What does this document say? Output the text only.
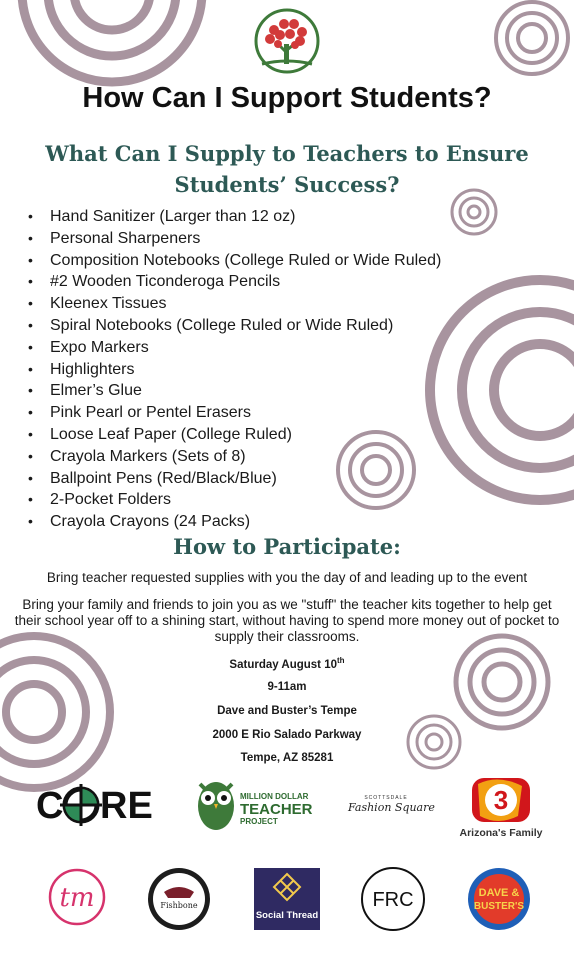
How Can I Support Students?

What Can I Supply to Teachers to Ensure Students’ Success?

• Hand Sanitizer (Larger than 12 oz)
• Personal Sharpeners
• Composition Notebooks (College Ruled or Wide Ruled)
• #2 Wooden Ticonderoga Pencils
• Kleenex Tissues
• Spiral Notebooks (College Ruled or Wide Ruled)
• Expo Markers
• Highlighters
• Elmer’s Glue
• Pink Pearl or Pentel Erasers
• Loose Leaf Paper (College Ruled)
• Crayola Markers (Sets of 8)
• Ballpoint Pens (Red/Black/Blue)
• 2-Pocket Folders
• Crayola Crayons (24 Packs)
How to Participate:
Bring teacher requested supplies with you the day of and leading up to the event
Bring your family and friends to join you as we "stuff" the teacher kits together to help get their school year off to a shining start, without having to spend more money out of pocket to supply their classrooms.
Saturday August 10th
9-11am
Dave and Buster’s Tempe
2000 E Rio Salado Parkway
Tempe, AZ 85281
C RE	MILLION DOLLAR
TEACHER
PROJECT
SCOTTSDALE
Fashion Square 3
Arizona's Family
tm	Fishbone
Social Thread
FRC	DAVE &
BUSTER'S
